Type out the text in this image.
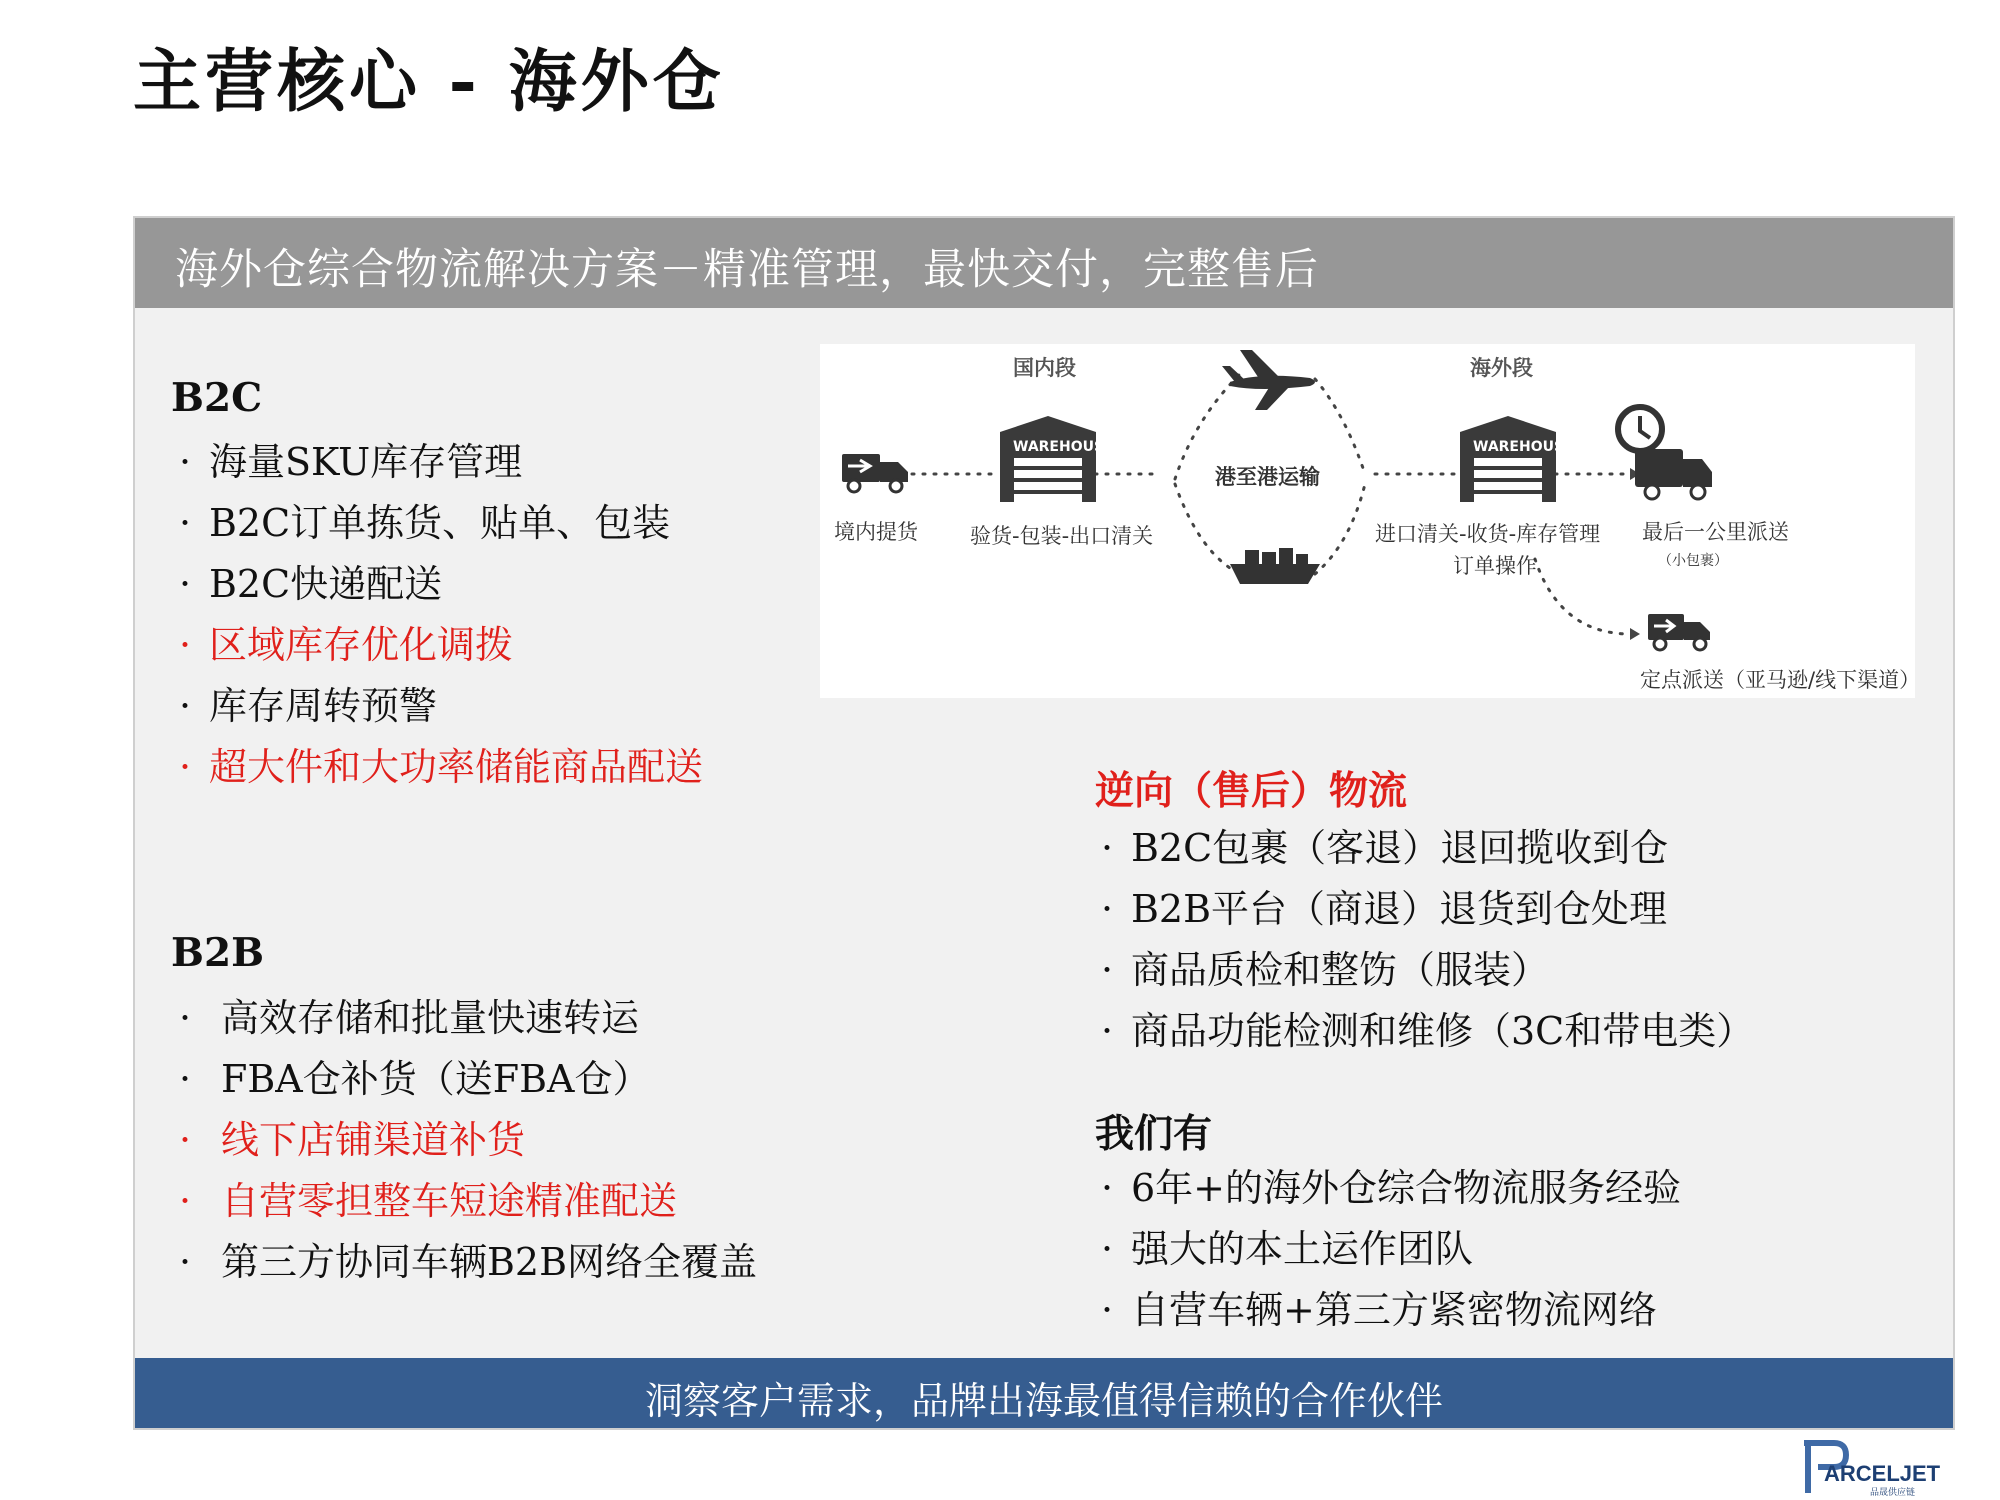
主营核心 - 海外仓
海外仓综合物流解决方案－精准管理，最快交付，完整售后
B2C
· 海量SKU库存管理
· B2C订单拣货、贴单、包装
· B2C快递配送
· 区域库存优化调拨
· 库存周转预警
· 超大件和大功率储能商品配送
B2B
· 高效存储和批量快速转运
· FBA仓补货（送FBA仓）
· 线下店铺渠道补货
· 自营零担整车短途精准配送
· 第三方协同车辆B2B网络全覆盖
逆向（售后）物流
· B2C包裹（客退）退回揽收到仓
· B2B平台（商退）退货到仓处理
· 商品质检和整饬（服装）
· 商品功能检测和维修（3C和带电类）
我们有
· 6年+的海外仓综合物流服务经验
· 强大的本土运作团队
· 自营车辆+第三方紧密物流网络
洞察客户需求，品牌出海最值得信赖的合作伙伴
国内段	海外段
WAREHOUSE	WAREHOUSE
港至港运输
境内提货 验货-包装-出口清关	进口清关-收货-库存管理
订单操作
最后一公里派送
（小包裹）
定点派送（亚马逊/线下渠道）
ARCELJET
品晟供应链
